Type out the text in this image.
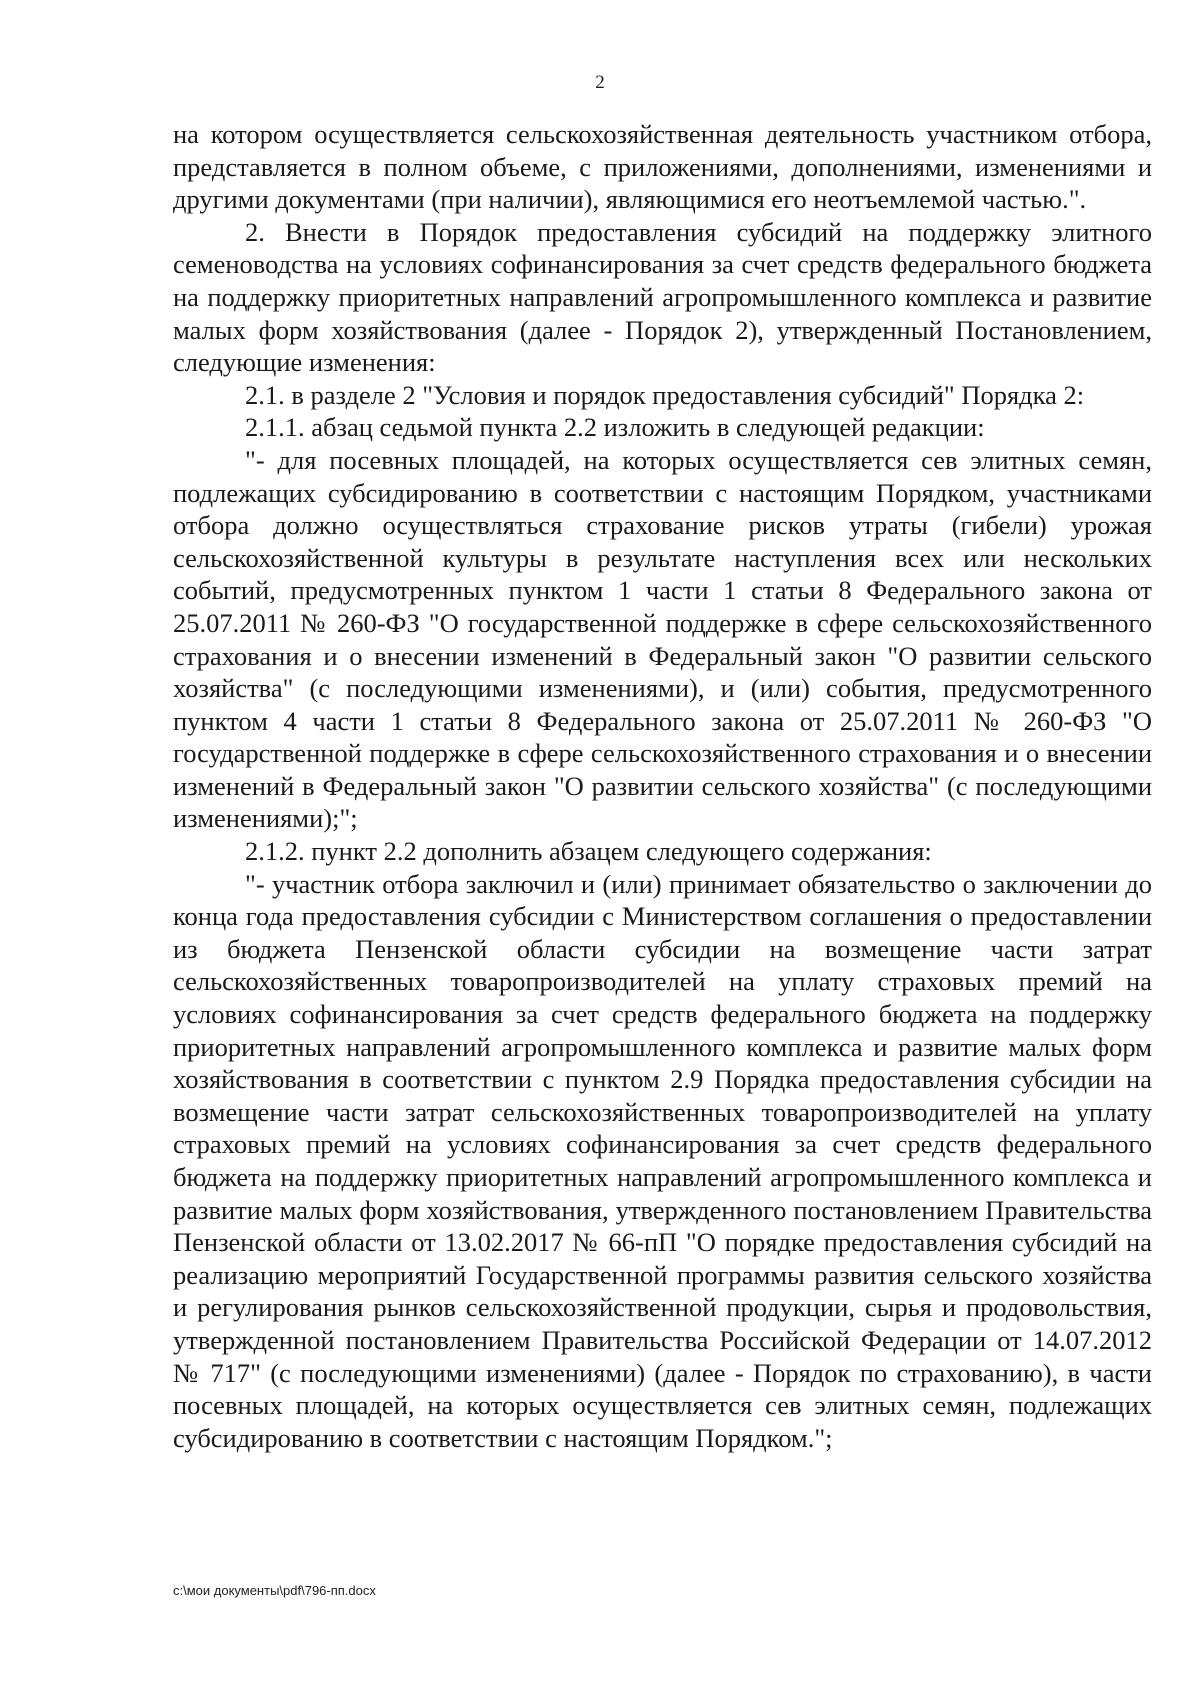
2

на котором осуществляется сельскохозяйственная деятельность участником отбора, представляется в полном объеме, с приложениями, дополнениями, изменениями и другими документами (при наличии), являющимися его неотъемлемой частью.".

2. Внести в Порядок предоставления субсидий на поддержку элитного семеноводства на условиях софинансирования за счет средств федерального бюджета на поддержку приоритетных направлений агропромышленного комплекса и развитие малых форм хозяйствования (далее - Порядок 2), утвержденный Постановлением, следующие изменения:

2.1. в разделе 2 "Условия и порядок предоставления субсидий" Порядка 2:

2.1.1. абзац седьмой пункта 2.2 изложить в следующей редакции:

"- для посевных площадей, на которых осуществляется сев элитных семян, подлежащих субсидированию в соответствии с настоящим Порядком, участниками отбора должно осуществляться страхование рисков утраты (гибели) урожая сельскохозяйственной культуры в результате наступления всех или нескольких событий, предусмотренных пунктом 1 части 1 статьи 8 Федерального закона от 25.07.2011 № 260-ФЗ "О государственной поддержке в сфере сельскохозяйственного страхования и о внесении изменений в Федеральный закон "О развитии сельского хозяйства" (с последующими изменениями), и (или) события, предусмотренного пунктом 4 части 1 статьи 8 Федерального закона от 25.07.2011 № 260-ФЗ "О государственной поддержке в сфере сельскохозяйственного страхования и о внесении изменений в Федеральный закон "О развитии сельского хозяйства" (с последующими изменениями);";

2.1.2. пункт 2.2 дополнить абзацем следующего содержания:

"- участник отбора заключил и (или) принимает обязательство о заключении до конца года предоставления субсидии с Министерством соглашения о предоставлении из бюджета Пензенской области субсидии на возмещение части затрат сельскохозяйственных товаропроизводителей на уплату страховых премий на условиях софинансирования за счет средств федерального бюджета на поддержку приоритетных направлений агропромышленного комплекса и развитие малых форм хозяйствования в соответствии с пунктом 2.9 Порядка предоставления субсидии на возмещение части затрат сельскохозяйственных товаропроизводителей на уплату страховых премий на условиях софинансирования за счет средств федерального бюджета на поддержку приоритетных направлений агропромышленного комплекса и развитие малых форм хозяйствования, утвержденного постановлением Правительства Пензенской области от 13.02.2017 № 66-пП "О порядке предоставления субсидий на реализацию мероприятий Государственной программы развития сельского хозяйства и регулирования рынков сельскохозяйственной продукции, сырья и продовольствия, утвержденной постановлением Правительства Российской Федерации от 14.07.2012 № 717" (с последующими изменениями) (далее - Порядок по страхованию), в части посевных площадей, на которых осуществляется сев элитных семян, подлежащих субсидированию в соответствии с настоящим Порядком.";

c:\мои документы\pdf\796-пп.docx
